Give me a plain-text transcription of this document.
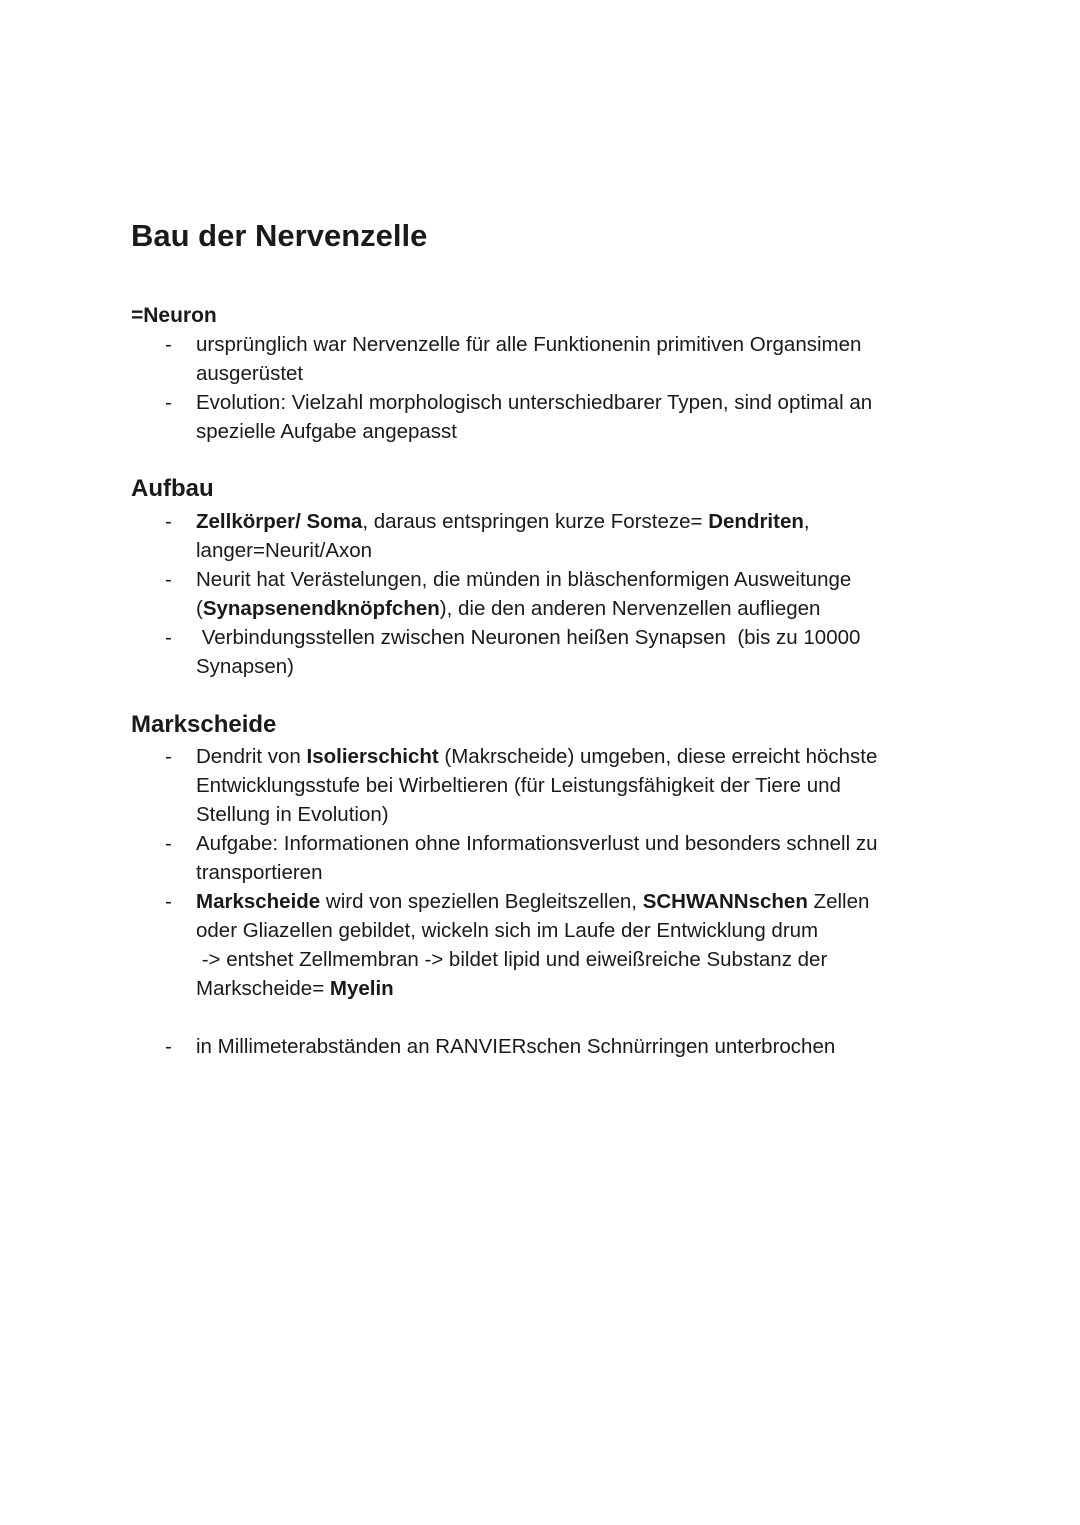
Bau der Nervenzelle
=Neuron
- ursprünglich war Nervenzelle für alle Funktionenin primitiven Organsimen
ausgerüstet
- Evolution: Vielzahl morphologisch unterschiedbarer Typen, sind optimal an
spezielle Aufgabe angepasst
Aufbau
- Zellkörper/ Soma, daraus entspringen kurze Forsteze= Dendriten,
langer=Neurit/Axon
- Neurit hat Verästelungen, die münden in bläschenformigen Ausweitunge
(Synapsenendknöpfchen), die den anderen Nervenzellen aufliegen
- Verbindungsstellen zwischen Neuronen heißen Synapsen  (bis zu 10000
Synapsen)
Markscheide
- Dendrit von Isolierschicht (Makrscheide) umgeben, diese erreicht höchste
Entwicklungsstufe bei Wirbeltieren (für Leistungsfähigkeit der Tiere und
Stellung in Evolution)
- Aufgabe: Informationen ohne Informationsverlust und besonders schnell zu
transportieren
- Markscheide wird von speziellen Begleitszellen, SCHWANNschen Zellen
oder Gliazellen gebildet, wickeln sich im Laufe der Entwicklung drum
-> entshet Zellmembran -> bildet lipid und eiweißreiche Substanz der
Markscheide= Myelin
- in Millimeterabständen an RANVIERschen Schnürringen unterbrochen
